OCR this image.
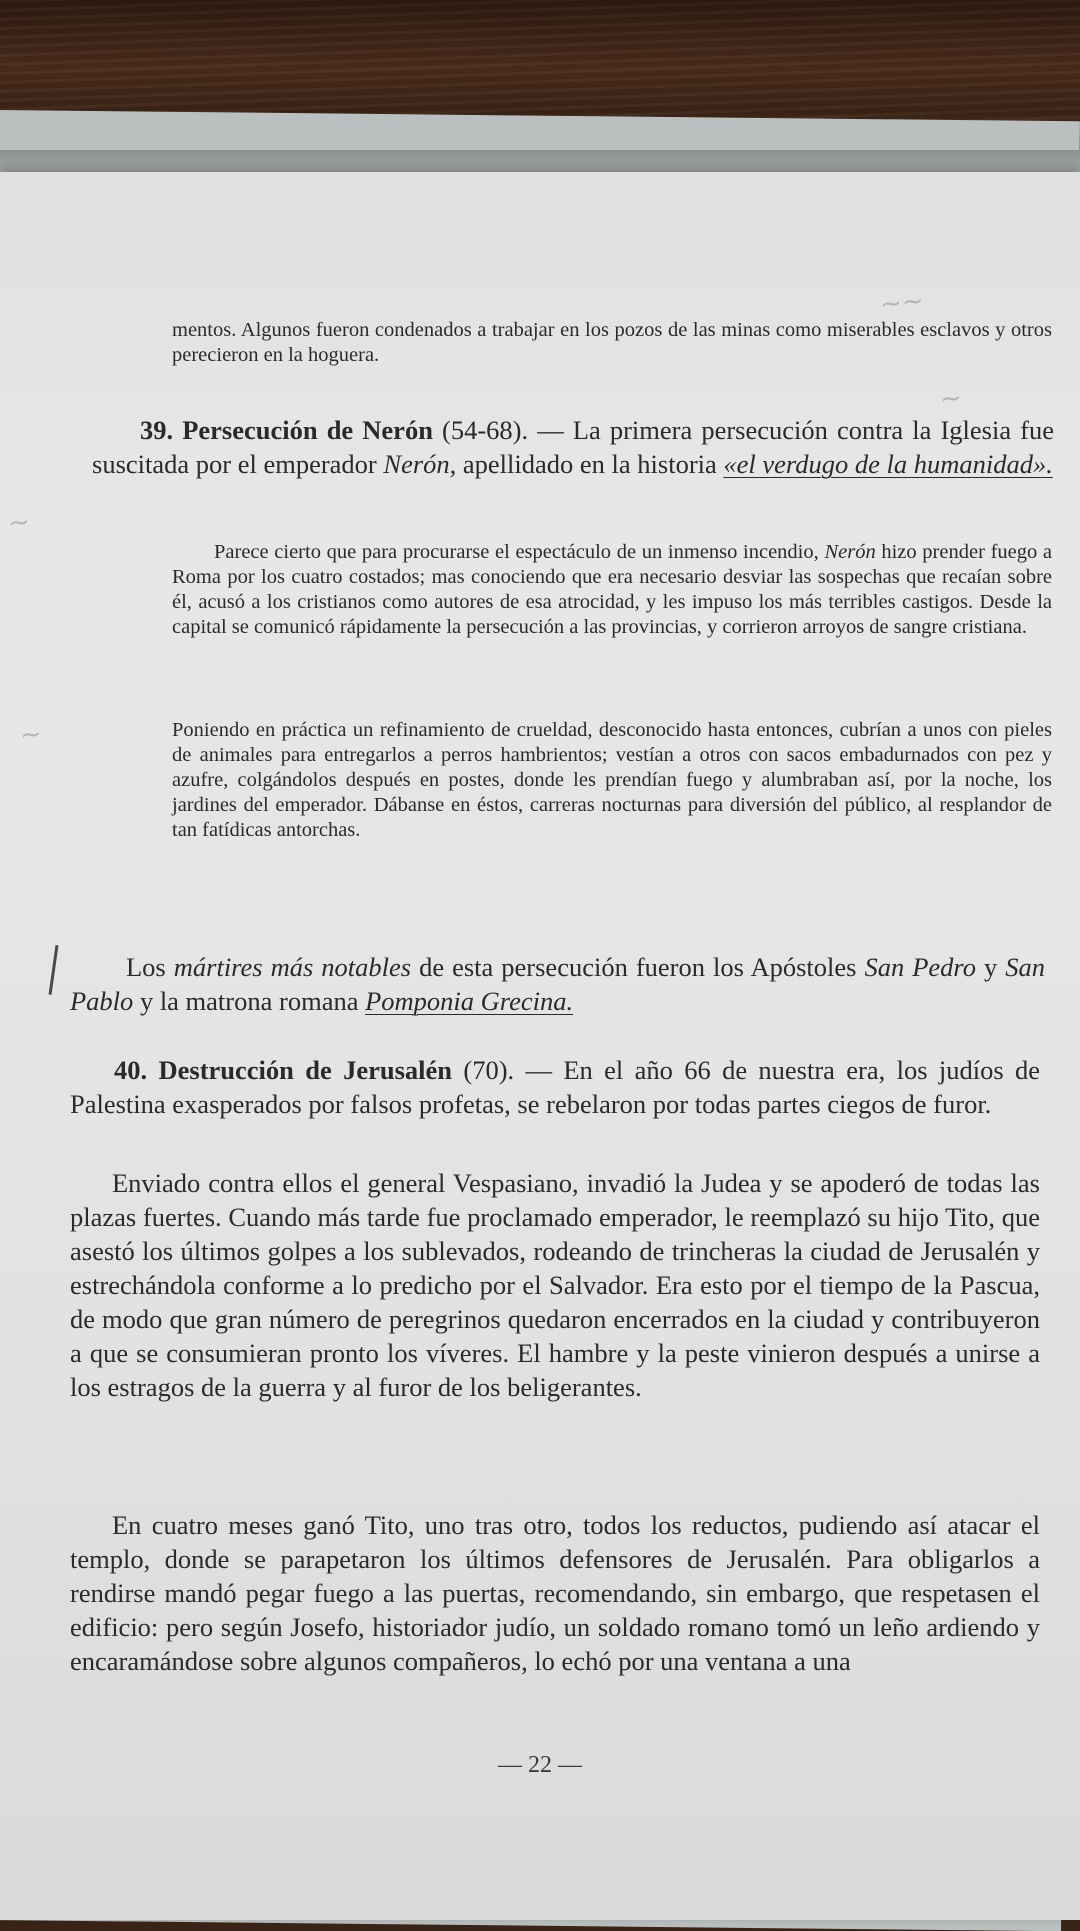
~~
~
~
~

mentos. Algunos fueron condenados a trabajar en los pozos de las minas como miserables esclavos y otros perecieron en la hoguera.

39. Persecución de Nerón (54-68). — La primera persecución contra la Iglesia fue suscitada por el emperador Nerón, apellidado en la historia «el verdugo de la humanidad».

Parece cierto que para procurarse el espectáculo de un inmenso incendio, Nerón hizo prender fuego a Roma por los cuatro costados; mas conociendo que era necesario desviar las sospechas que recaían sobre él, acusó a los cristianos como autores de esa atrocidad, y les impuso los más terribles castigos. Desde la capital se comunicó rápidamente la persecución a las provincias, y corrieron arroyos de sangre cristiana.

Poniendo en práctica un refinamiento de crueldad, desconocido hasta entonces, cubrían a unos con pieles de animales para entregarlos a perros hambrientos; vestían a otros con sacos embadurnados con pez y azufre, colgándolos después en postes, donde les prendían fuego y alumbraban así, por la noche, los jardines del emperador. Dábanse en éstos, carreras nocturnas para diversión del público, al resplandor de tan fatídicas antorchas.

Los mártires más notables de esta persecución fueron los Apóstoles San Pedro y San Pablo y la matrona romana Pomponia Grecina.

40. Destrucción de Jerusalén (70). — En el año 66 de nuestra era, los judíos de Palestina exasperados por falsos profetas, se rebelaron por todas partes ciegos de furor.

Enviado contra ellos el general Vespasiano, invadió la Judea y se apoderó de todas las plazas fuertes. Cuando más tarde fue proclamado emperador, le reemplazó su hijo Tito, que asestó los últimos golpes a los sublevados, rodeando de trincheras la ciudad de Jerusalén y estrechándola conforme a lo predicho por el Salvador. Era esto por el tiempo de la Pascua, de modo que gran número de peregrinos quedaron encerrados en la ciudad y contribuyeron a que se consumieran pronto los víveres. El hambre y la peste vinieron después a unirse a los estragos de la guerra y al furor de los beligerantes.

En cuatro meses ganó Tito, uno tras otro, todos los reductos, pudiendo así atacar el templo, donde se parapetaron los últimos defensores de Jerusalén. Para obligarlos a rendirse mandó pegar fuego a las puertas, recomendando, sin embargo, que respetasen el edificio: pero según Josefo, historiador judío, un soldado romano tomó un leño ardiendo y encaramándose sobre algunos compañeros, lo echó por una ventana a una

— 22 —
